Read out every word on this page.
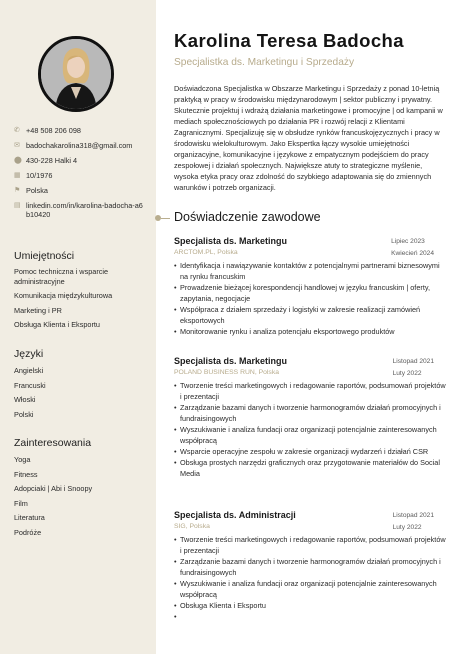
✆ +48 508 206 098
✉ badochakarolina318@gmail.com
⬤ 430-228 Halki 4
▦ 10/1976
⚑ Polska
▤ linkedin.com/in/karolina-badocha-a6b10420
Umiejętności
Pomoc techniczna i wsparcie administracyjne
Komunikacja międzykulturowa
Marketing i PR
Obsługa Klienta i Eksportu
Języki
Angielski
Francuski
Włoski
Polski
Zainteresowania
Yoga
Fitness
Adopciaki | Abi i Snoopy
Film
Literatura
Podróże
Karolina Teresa Badocha
Specjalistka ds. Marketingu i Sprzedaży
Doświadczona Specjalistka w Obszarze Marketingu i Sprzedaży z ponad 10-letnią praktyką w pracy w środowisku międzynarodowym | sektor publiczny i prywatny. Skutecznie projektuj i wdrażą działania marketingowe i promocyjne | od kampanii w mediach społecznościowych po działania PR i rozwój relacji z Klientami Zagranicznymi. Specjalizuję się w obsłudze rynków francuskojęzycznych i pracy w środowisku wielokulturowym. Jako Ekspertka łączy wysokie umiejętności organizacyjne, komunikacyjne i językowe z empatycznym podejściem do pracy zespołowej i działań społecznych. Największe atuty to strategiczne myślenie, wysoka etyka pracy oraz zdolność do szybkiego adaptowania się do zmiennych warunków i potrzeb organizacji.
Doświadczenie zawodowe
Specjalista ds. Marketingu
ARCTOM.PL, Polska
Lipiec 2023
Kwiecień 2024
• Identyfikacja i nawiązywanie kontaktów z potencjalnymi partnerami biznesowymi na rynku francuskim
• Prowadzenie bieżącej korespondencji handlowej w języku francuskim | oferty, zapytania, negocjacje
• Współpraca z działem sprzedaży i logistyki w zakresie realizacji zamówień eksportowych
• Monitorowanie rynku i analiza potencjału eksportowego produktów
Specjalista ds. Marketingu
POLAND BUSINESS RUN, Polska
Listopad 2021
Luty 2022
• Tworzenie treści marketingowych i redagowanie raportów, podsumowań projektów i prezentacji
• Zarządzanie bazami danych i tworzenie harmonogramów działań promocyjnych i fundraisingowych
• Wyszukiwanie i analiza fundacji oraz organizacji potencjalnie zainteresowanych współpracą
• Wsparcie operacyjne zespołu w zakresie organizacji wydarzeń i działań CSR
• Obsługa prostych narzędzi graficznych oraz przygotowanie materiałów do Social Media
Specjalista ds. Administracji
SIG, Polska
Listopad 2021
Luty 2022
• Tworzenie treści marketingowych i redagowanie raportów, podsumowań projektów i prezentacji
• Zarządzanie bazami danych i tworzenie harmonogramów działań promocyjnych i fundraisingowych
• Wyszukiwanie i analiza fundacji oraz organizacji potencjalnie zainteresowanych współpracą
• Obsługa Klienta i Eksportu
